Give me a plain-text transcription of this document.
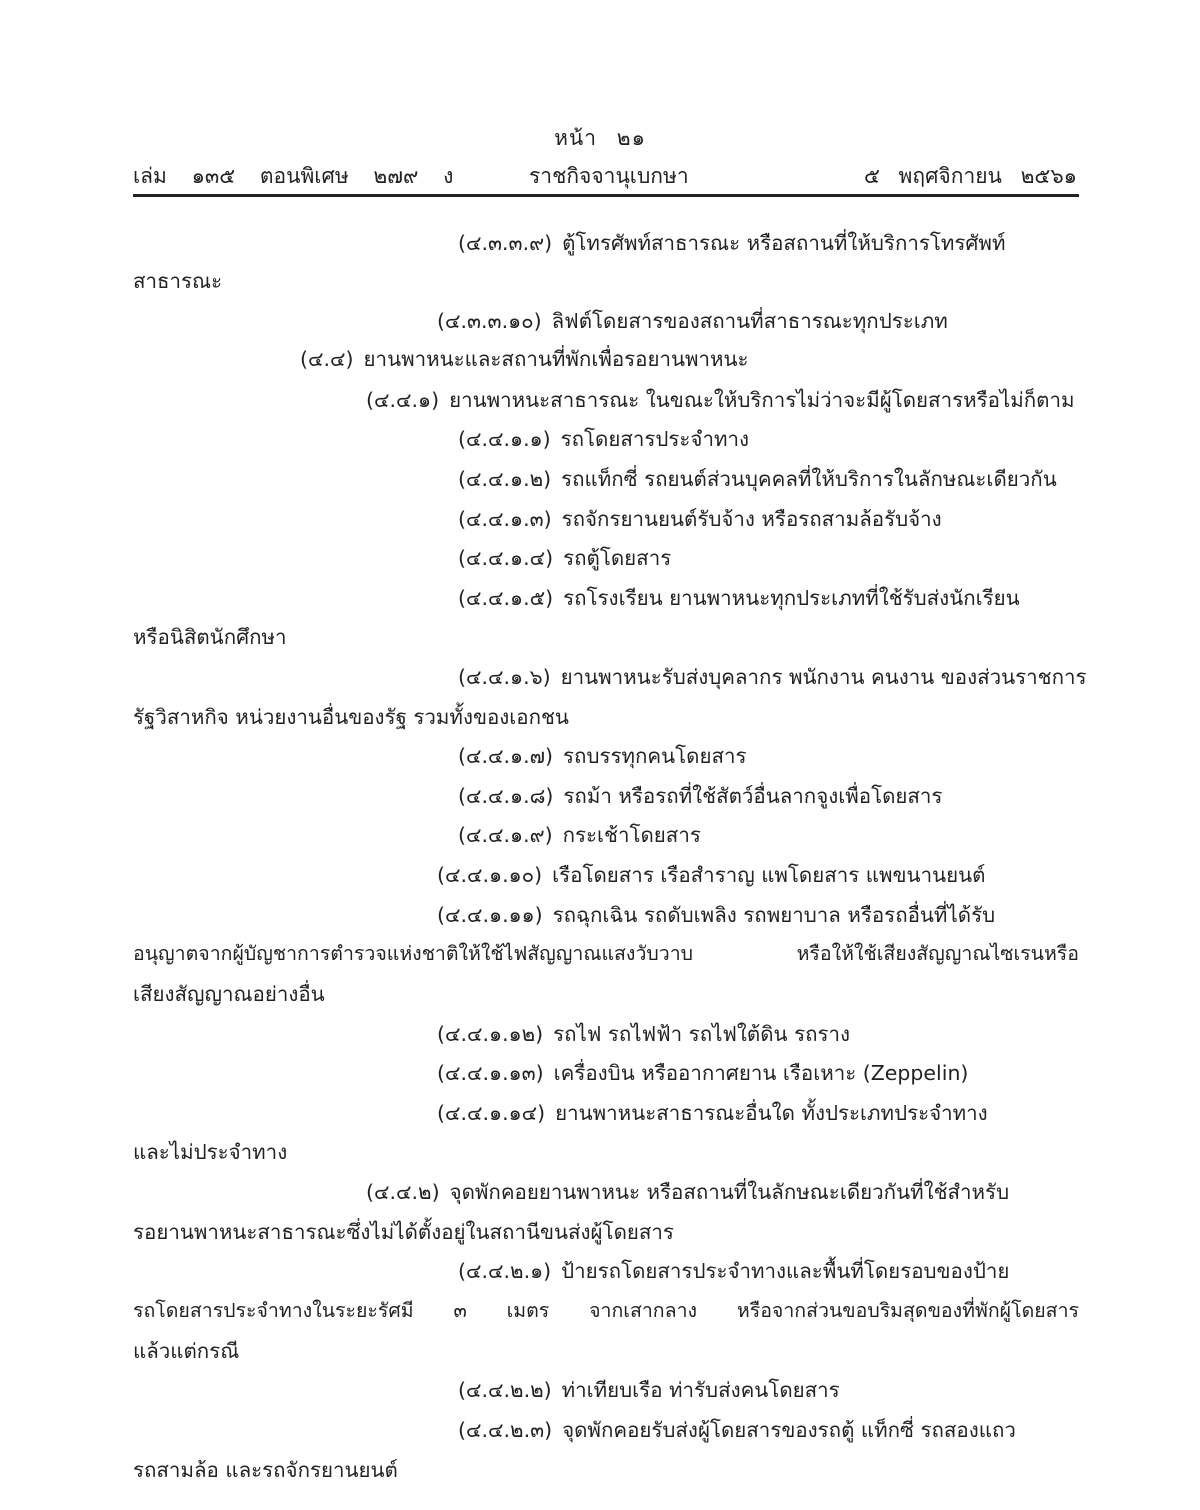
หน้า ๒๑
เล่ม ๑๓๕ ตอนพิเศษ ๒๗๙ ง	ราชกิจจานุเบกษา	๕ พฤศจิกายน ๒๕๖๑
(๔.๓.๓.๙) ตู้โทรศัพท์สาธารณะ หรือสถานที่ให้บริการโทรศัพท์
สาธารณะ
(๔.๓.๓.๑๐) ลิฟต์โดยสารของสถานที่สาธารณะทุกประเภท
(๔.๔) ยานพาหนะและสถานที่พักเพื่อรอยานพาหนะ
(๔.๔.๑) ยานพาหนะสาธารณะ ในขณะให้บริการไม่ว่าจะมีผู้โดยสารหรือไม่ก็ตาม
(๔.๔.๑.๑) รถโดยสารประจำทาง
(๔.๔.๑.๒) รถแท็กซี่ รถยนต์ส่วนบุคคลที่ให้บริการในลักษณะเดียวกัน
(๔.๔.๑.๓) รถจักรยานยนต์รับจ้าง หรือรถสามล้อรับจ้าง
(๔.๔.๑.๔) รถตู้โดยสาร
(๔.๔.๑.๕) รถโรงเรียน ยานพาหนะทุกประเภทที่ใช้รับส่งนักเรียน
หรือนิสิตนักศึกษา
(๔.๔.๑.๖) ยานพาหนะรับส่งบุคลากร พนักงาน คนงาน ของส่วนราชการ
รัฐวิสาหกิจ หน่วยงานอื่นของรัฐ รวมทั้งของเอกชน
(๔.๔.๑.๗) รถบรรทุกคนโดยสาร
(๔.๔.๑.๘) รถม้า หรือรถที่ใช้สัตว์อื่นลากจูงเพื่อโดยสาร
(๔.๔.๑.๙) กระเช้าโดยสาร
(๔.๔.๑.๑๐) เรือโดยสาร เรือสำราญ แพโดยสาร แพขนานยนต์
(๔.๔.๑.๑๑) รถฉุกเฉิน รถดับเพลิง รถพยาบาล หรือรถอื่นที่ได้รับ
อนุญาตจากผู้บัญชาการตำรวจแห่งชาติให้ใช้ไฟสัญญาณแสงวับวาบ หรือให้ใช้เสียงสัญญาณไซเรนหรือ
เสียงสัญญาณอย่างอื่น
(๔.๔.๑.๑๒) รถไฟ รถไฟฟ้า รถไฟใต้ดิน รถราง
(๔.๔.๑.๑๓) เครื่องบิน หรืออากาศยาน เรือเหาะ (Zeppelin)
(๔.๔.๑.๑๔) ยานพาหนะสาธารณะอื่นใด ทั้งประเภทประจำทาง
และไม่ประจำทาง
(๔.๔.๒) จุดพักคอยยานพาหนะ หรือสถานที่ในลักษณะเดียวกันที่ใช้สำหรับ
รอยานพาหนะสาธารณะซึ่งไม่ได้ตั้งอยู่ในสถานีขนส่งผู้โดยสาร
(๔.๔.๒.๑) ป้ายรถโดยสารประจำทางและพื้นที่โดยรอบของป้าย
รถโดยสารประจำทางในระยะรัศมี ๓ เมตร จากเสากลาง หรือจากส่วนขอบริมสุดของที่พักผู้โดยสาร
แล้วแต่กรณี
(๔.๔.๒.๒) ท่าเทียบเรือ ท่ารับส่งคนโดยสาร
(๔.๔.๒.๓) จุดพักคอยรับส่งผู้โดยสารของรถตู้ แท็กซี่ รถสองแถว
รถสามล้อ และรถจักรยานยนต์
